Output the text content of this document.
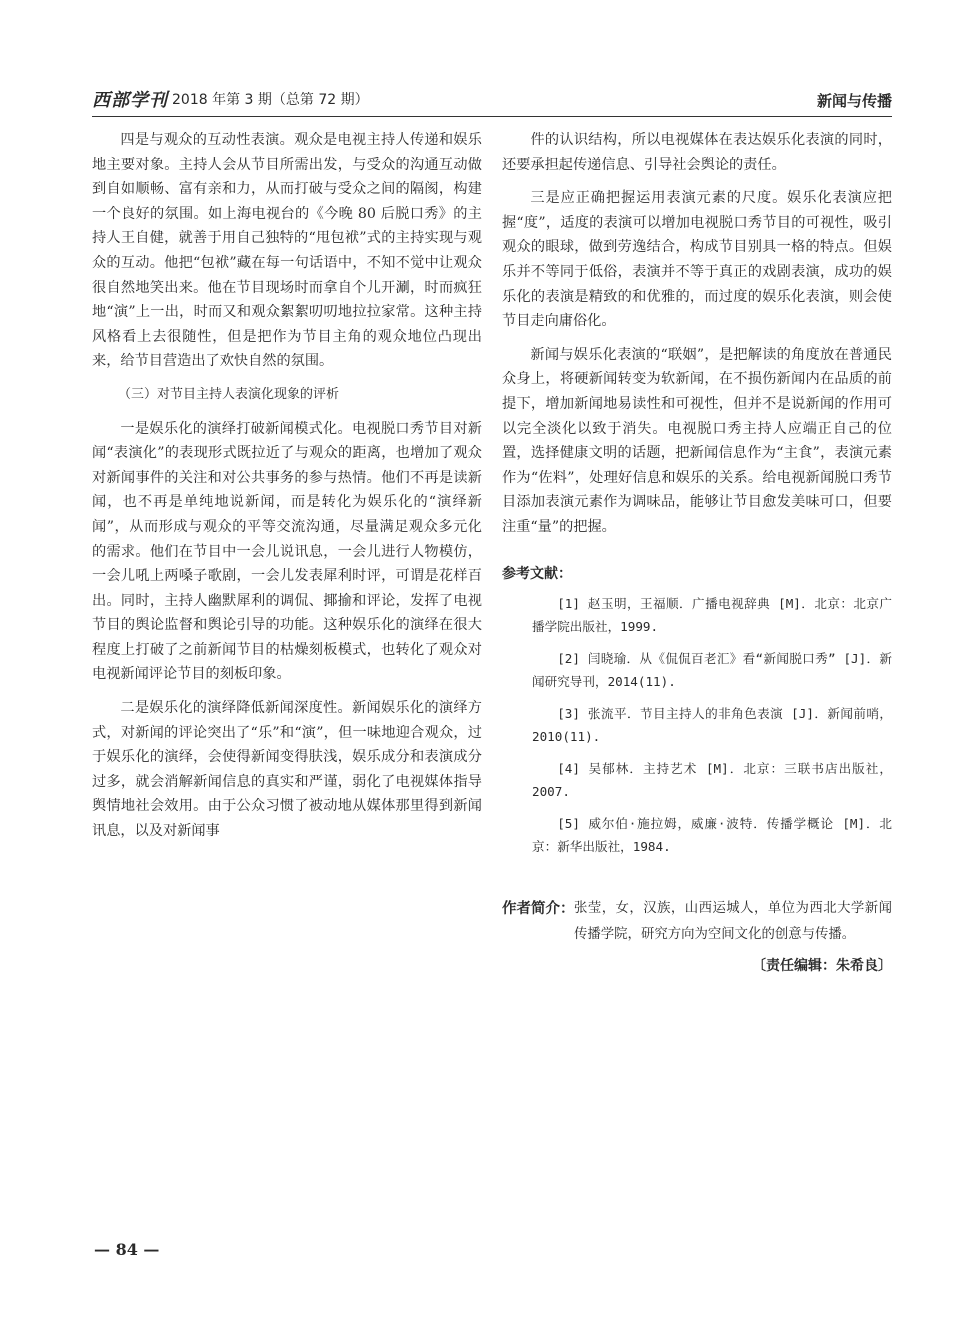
西部学刊 2018 年第 3 期（总第 72 期）	新闻与传播

四是与观众的互动性表演。观众是电视主持人传递和娱乐地主要对象。主持人会从节目所需出发，与受众的沟通互动做到自如顺畅、富有亲和力，从而打破与受众之间的隔阂，构建一个良好的氛围。如上海电视台的《今晚 80 后脱口秀》的主持人王自健，就善于用自己独特的“甩包袱”式的主持实现与观众的互动。他把“包袱”藏在每一句话语中，不知不觉中让观众很自然地笑出来。他在节目现场时而拿自个儿开涮，时而疯狂地“演”上一出，时而又和观众絮絮叨叨地拉拉家常。这种主持风格看上去很随性，但是把作为节目主角的观众地位凸现出来，给节目营造出了欢快自然的氛围。

（三）对节目主持人表演化现象的评析

一是娱乐化的演绎打破新闻模式化。电视脱口秀节目对新闻“表演化”的表现形式既拉近了与观众的距离，也增加了观众对新闻事件的关注和对公共事务的参与热情。他们不再是读新闻，也不再是单纯地说新闻，而是转化为娱乐化的“演绎新闻”，从而形成与观众的平等交流沟通，尽量满足观众多元化的需求。他们在节目中一会儿说讯息，一会儿进行人物模仿，一会儿吼上两嗓子歌剧，一会儿发表犀利时评，可谓是花样百出。同时，主持人幽默犀利的调侃、揶揄和评论，发挥了电视节目的舆论监督和舆论引导的功能。这种娱乐化的演绎在很大程度上打破了之前新闻节目的枯燥刻板模式，也转化了观众对电视新闻评论节目的刻板印象。

二是娱乐化的演绎降低新闻深度性。新闻娱乐化的演绎方式，对新闻的评论突出了“乐”和“演”，但一味地迎合观众，过于娱乐化的演绎，会使得新闻变得肤浅，娱乐成分和表演成分过多，就会消解新闻信息的真实和严谨，弱化了电视媒体指导舆情地社会效用。由于公众习惯了被动地从媒体那里得到新闻讯息，以及对新闻事

件的认识结构，所以电视媒体在表达娱乐化表演的同时，还要承担起传递信息、引导社会舆论的责任。

三是应正确把握运用表演元素的尺度。娱乐化表演应把握“度”，适度的表演可以增加电视脱口秀节目的可视性，吸引观众的眼球，做到劳逸结合，构成节目别具一格的特点。但娱乐并不等同于低俗，表演并不等于真正的戏剧表演，成功的娱乐化的表演是精致的和优雅的，而过度的娱乐化表演，则会使节目走向庸俗化。

新闻与娱乐化表演的“联姻”，是把解读的角度放在普通民众身上，将硬新闻转变为软新闻，在不损伤新闻内在品质的前提下，增加新闻地易读性和可视性，但并不是说新闻的作用可以完全淡化以致于消失。电视脱口秀主持人应端正自己的位置，选择健康文明的话题，把新闻信息作为“主食”，表演元素作为“佐料”，处理好信息和娱乐的关系。给电视新闻脱口秀节目添加表演元素作为调味品，能够让节目愈发美味可口，但要注重“量”的把握。

参考文献：

[1] 赵玉明，王福顺．广播电视辞典 [M]．北京：北京广播学院出版社，1999.

[2] 闫晓瑜．从《侃侃百老汇》看“新闻脱口秀” [J]．新闻研究导刊，2014(11).

[3] 张流平．节目主持人的非角色表演 [J]．新闻前哨，2010(11).

[4] 吴郁林．主持艺术 [M]．北京：三联书店出版社，2007.

[5] 威尔伯·施拉姆，威廉·波特．传播学概论 [M]．北京：新华出版社，1984.

作者简介： 张莹，女，汉族，山西运城人，单位为西北大学新闻传播学院，研究方向为空间文化的创意与传播。
〔责任编辑：朱希良〕
— 84 —
